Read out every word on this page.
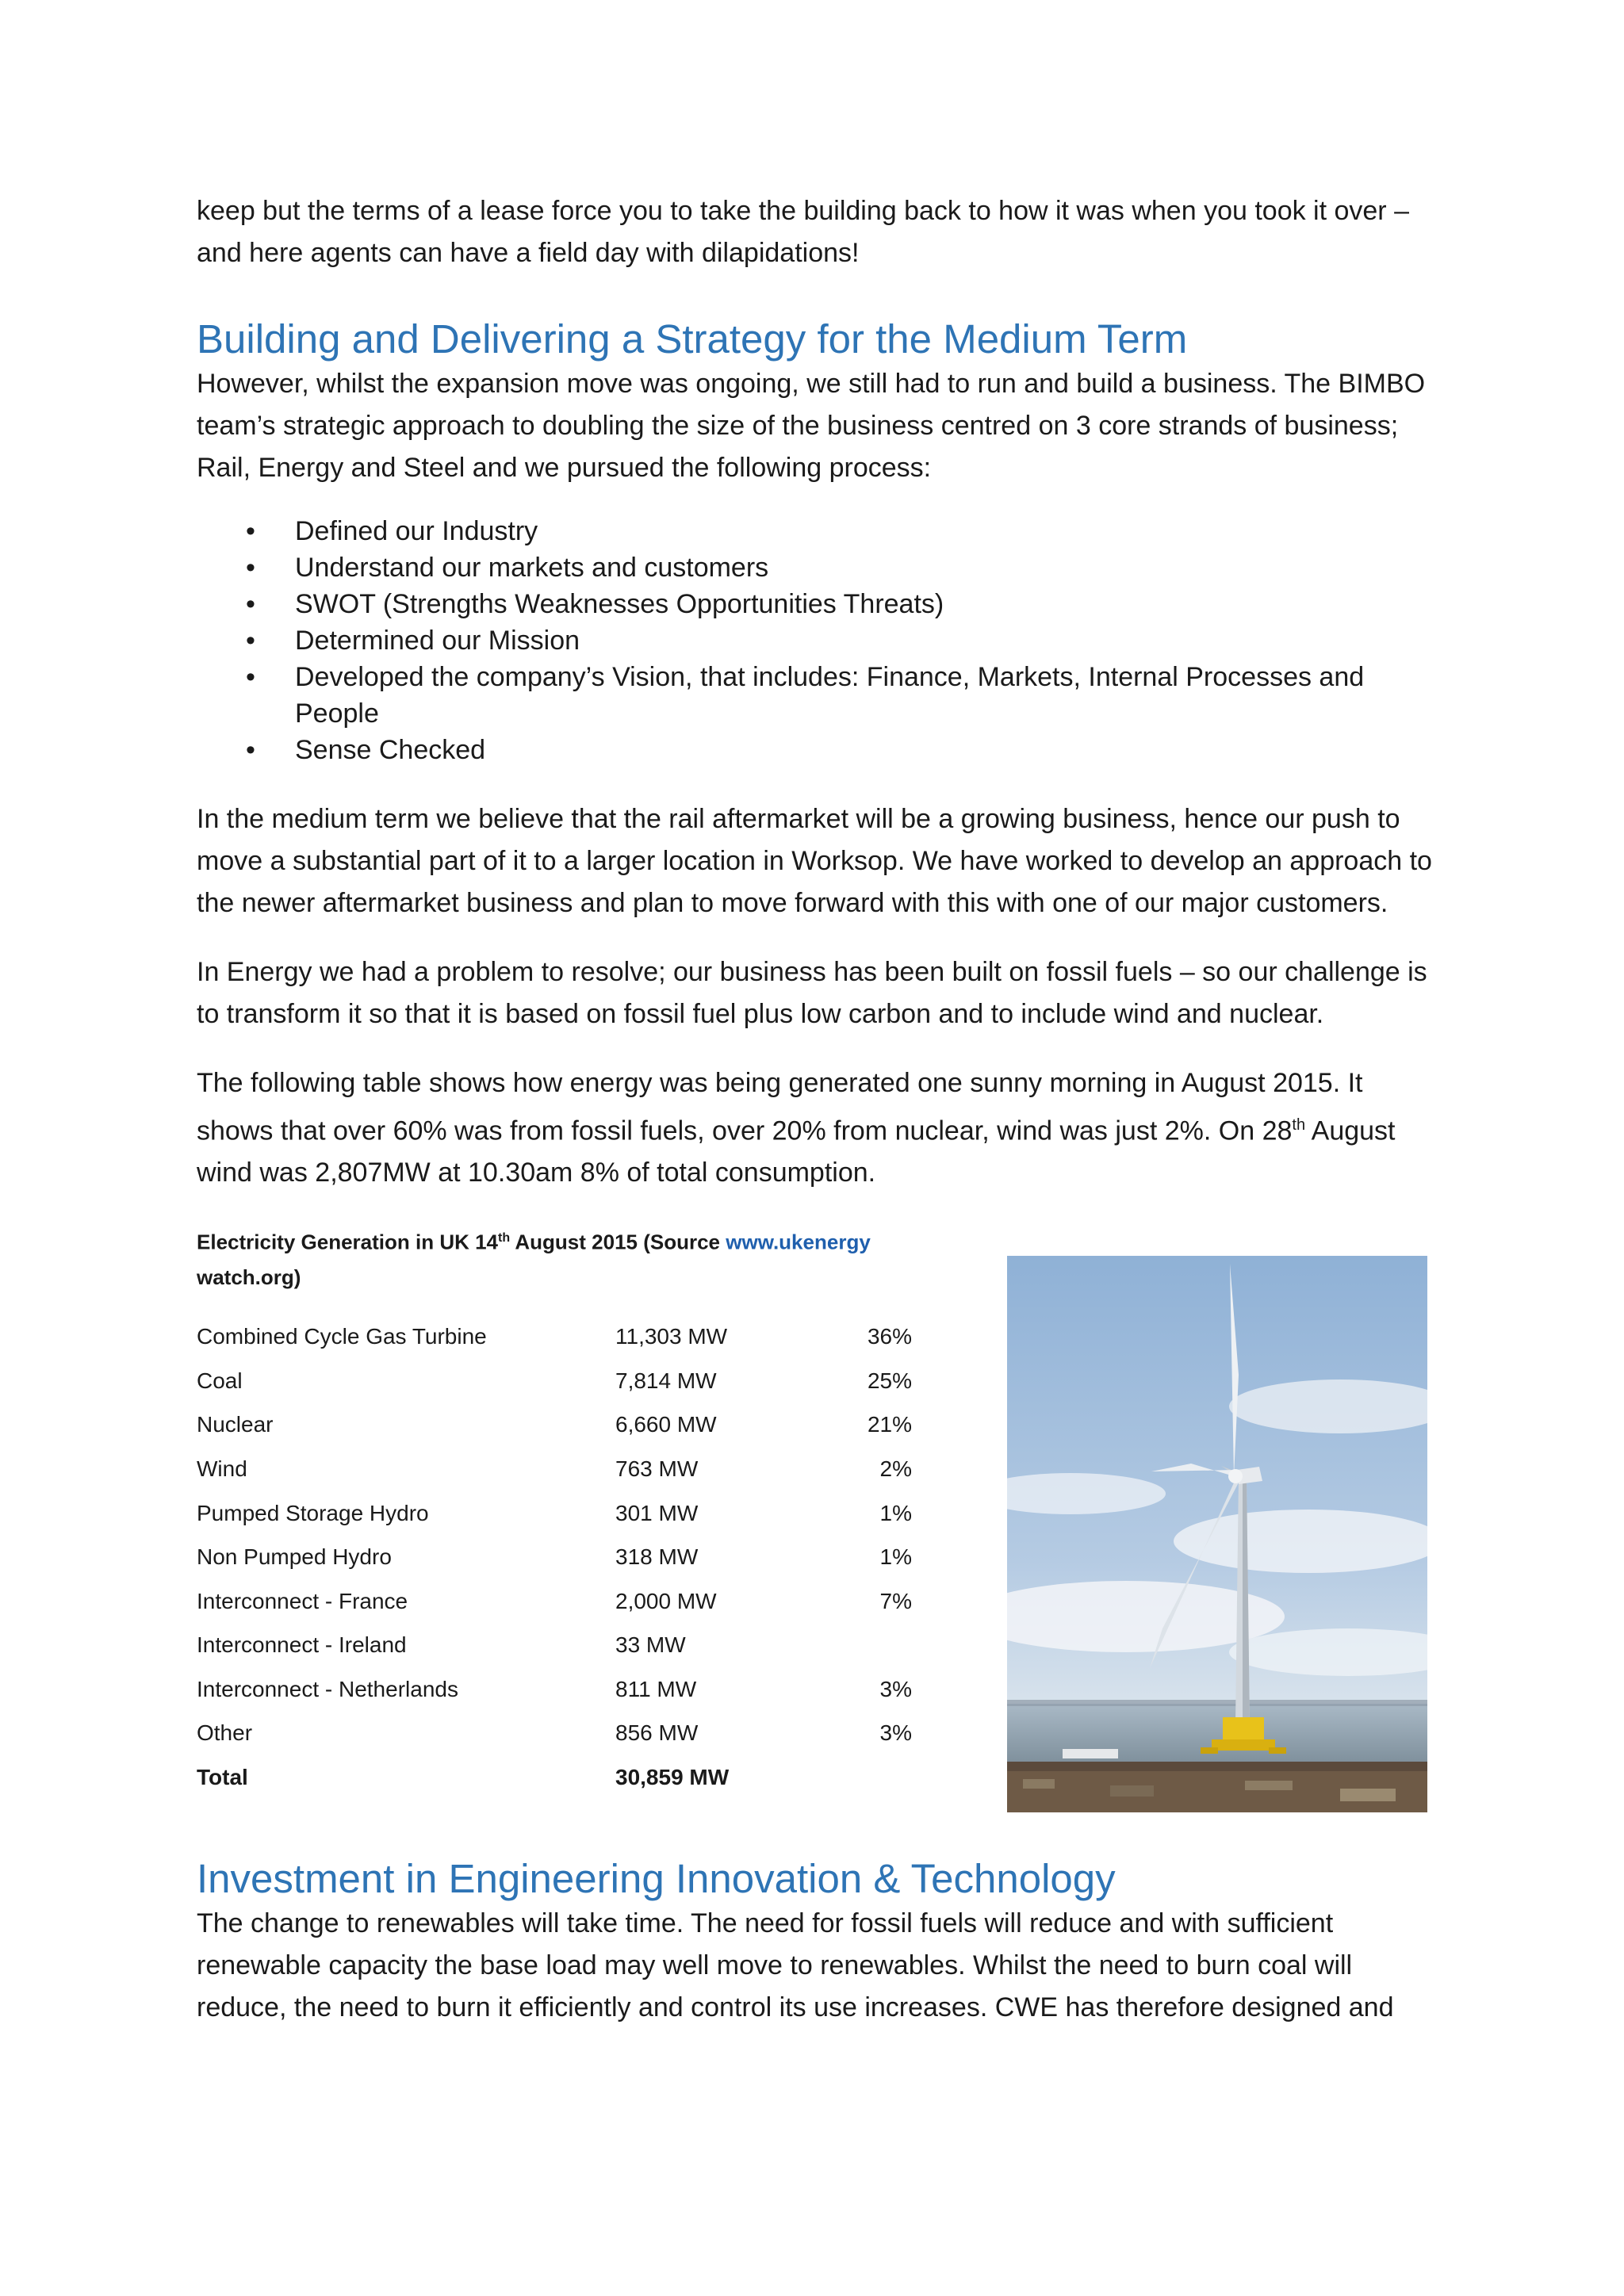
keep but the terms of a lease force you to take the building back to how it was when you took it over – and here agents can have a field day with dilapidations!

Building and Delivering a Strategy for the Medium Term

However, whilst the expansion move was ongoing, we still had to run and build a business. The BIMBO team’s strategic approach to doubling the size of the business centred on 3 core strands of business; Rail, Energy and Steel and we pursued the following process:

• Defined our Industry
• Understand our markets and customers
• SWOT (Strengths Weaknesses Opportunities Threats)
• Determined our Mission
• Developed the company’s Vision, that includes: Finance, Markets, Internal Processes and People
• Sense Checked

In the medium term we believe that the rail aftermarket will be a growing business, hence our push to move a substantial part of it to a larger location in Worksop. We have worked to develop an approach to the newer aftermarket business and plan to move forward with this with one of our major customers.

In Energy we had a problem to resolve; our business has been built on fossil fuels – so our challenge is to transform it so that it is based on fossil fuel plus low carbon and to include wind and nuclear.

The following table shows how energy was being generated one sunny morning in August 2015. It shows that over 60% was from fossil fuels, over 20% from nuclear, wind was just 2%. On 28th August wind was 2,807MW at 10.30am 8% of total consumption.

Electricity Generation in UK 14th August 2015 (Source www.ukenergy
watch.org)
Combined Cycle Gas Turbine	11,303 MW	36%
Coal	7,814 MW	25%
Nuclear	6,660 MW	21%
Wind	763 MW	2%
Pumped Storage Hydro	301 MW	1%
Non Pumped Hydro	318 MW	1%
Interconnect - France	2,000 MW	7%
Interconnect - Ireland	33 MW	
Interconnect - Netherlands	811 MW	3%
Other	856 MW	3%
Total	30,859 MW	
Investment in Engineering Innovation & Technology

The change to renewables will take time. The need for fossil fuels will reduce and with sufficient renewable capacity the base load may well move to renewables. Whilst the need to burn coal will reduce, the need to burn it efficiently and control its use increases. CWE has therefore designed and
